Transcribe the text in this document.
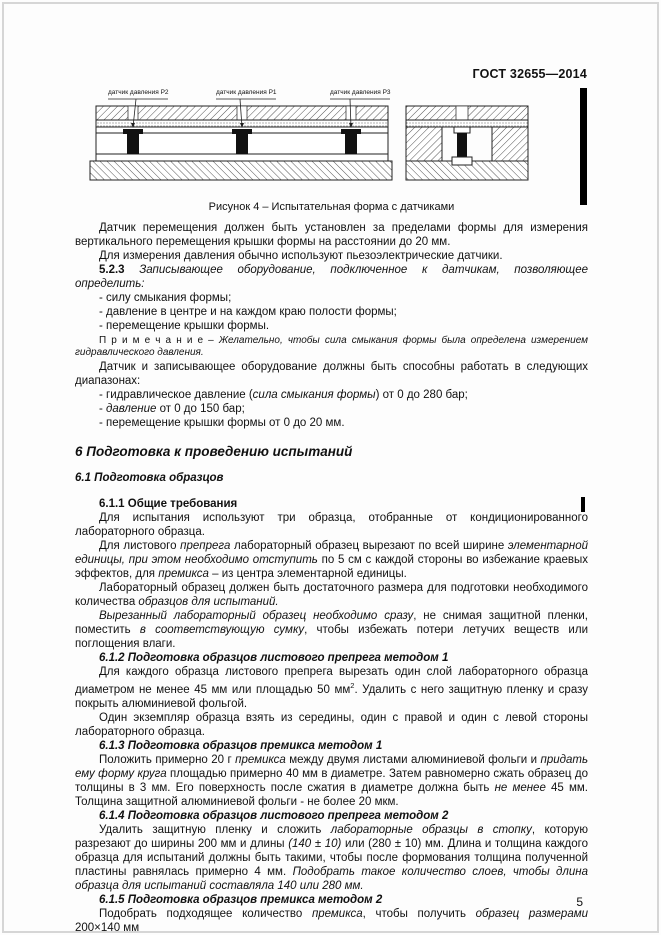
ГОСТ 32655—2014
датчик давления Р2	датчик давления Р1	датчик давления Р3
Рисунок 4 – Испытательная форма с датчиками

Датчик перемещения должен быть установлен за пределами формы для измерения вертикального перемещения крышки формы на расстоянии до 20 мм.

Для измерения давления обычно используют пьезоэлектрические датчики.

5.2.3 Записывающее оборудование, подключенное к датчикам, позволяющее определить:

- силу смыкания формы;

- давление в центре и на каждом краю полости формы;

- перемещение крышки формы.

П р и м е ч а н и е – Желательно, чтобы сила смыкания формы была определена измерением гидравлического давления.

Датчик и записывающее оборудование должны быть способны работать в следующих диапазонах:

- гидравлическое давление (сила смыкания формы) от 0 до 280 бар;

- давление от 0 до 150 бар;

- перемещение крышки формы от 0 до 20 мм.

6 Подготовка к проведению испытаний

6.1 Подготовка образцов

6.1.1 Общие требования

Для испытания используют три образца, отобранные от кондиционированного лабораторного образца.

Для листового препрега лабораторный образец вырезают по всей ширине элементарной единицы, при этом необходимо отступить по 5 см с каждой стороны во избежание краевых эффектов, для премикса – из центра элементарной единицы.

Лабораторный образец должен быть достаточного размера для подготовки необходимого количества образцов для испытаний.

Вырезанный лабораторный образец необходимо сразу, не снимая защитной пленки, поместить в соответствующую сумку, чтобы избежать потери летучих веществ или поглощения влаги.

6.1.2 Подготовка образцов листового препрега методом 1

Для каждого образца листового препрега вырезать один слой лабораторного образца диаметром не менее 45 мм или площадью 50 $мм^2$. Удалить с него защитную пленку и сразу покрыть алюминиевой фольгой.

Один экземпляр образца взять из середины, один с правой и один с левой стороны лабораторного образца.

6.1.3 Подготовка образцов премикса методом 1

Положить примерно 20 г премикса между двумя листами алюминиевой фольги и придать ему форму круга площадью примерно 40 мм в диаметре. Затем равномерно сжать образец до толщины в 3 мм. Его поверхность после сжатия в диаметре должна быть не менее 45 мм. Толщина защитной алюминиевой фольги - не более 20 мкм.

6.1.4 Подготовка образцов листового препрега методом 2

Удалить защитную пленку и сложить лабораторные образцы в стопку, которую разрезают до ширины 200 мм и длины (140 ± 10) или (280 ± 10) мм. Длина и толщина каждого образца для испытаний должны быть такими, чтобы после формования толщина полученной пластины равнялась примерно 4 мм. Подобрать такое количество слоев, чтобы длина образца для испытаний составляла 140 или 280 мм.

6.1.5 Подготовка образцов премикса методом 2

Подобрать подходящее количество премикса, чтобы получить образец размерами 200×140 мм

5
